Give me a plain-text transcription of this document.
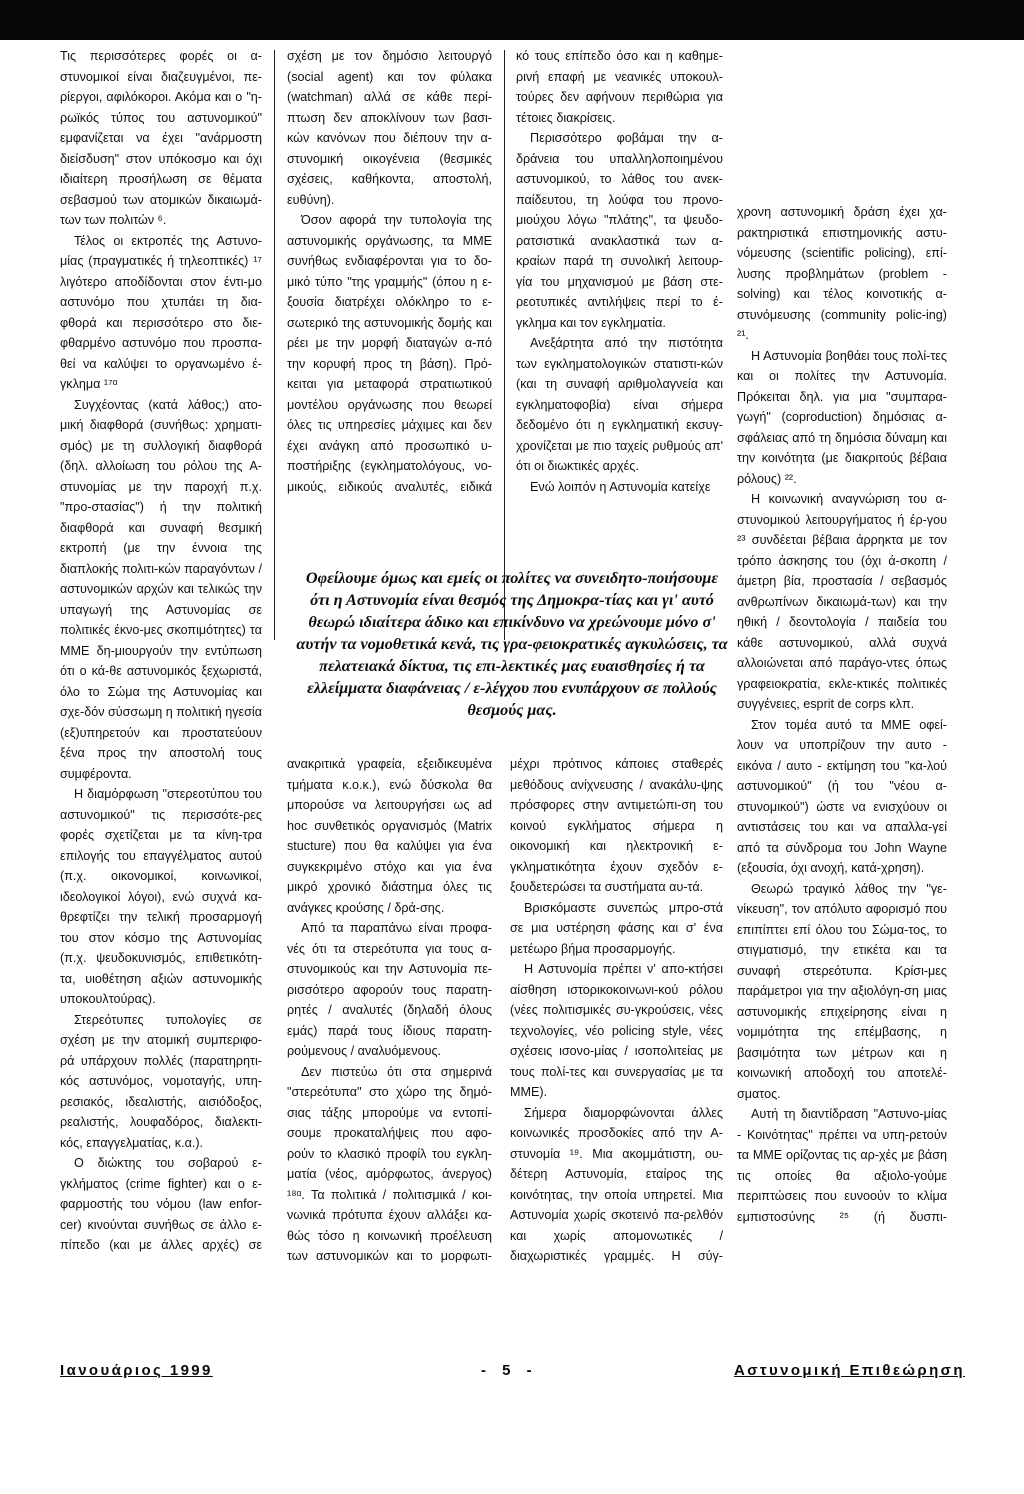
Τις περισσότερες φορές οι α-στυνομικοί είναι διαζευγμένοι, πε-ρίεργοι, αφιλόκοροι. Ακόμα και ο "η-ρωϊκός τύπος του αστυνομικού" εμφανίζεται να έχει "ανάρμοστη διείσδυση" στον υπόκοσμο και όχι ιδιαίτερη προσήλωση σε θέματα σεβασμού των ατομικών δικαιωμά-των των πολιτών ⁶.

Τέλος οι εκτροπές της Αστυνο-μίας (πραγματικές ή τηλεοπτικές) ¹⁷ λιγότερο αποδίδονται στον έντι-μο αστυνόμο που χτυπάει τη δια-φθορά και περισσότερο στο διε-φθαρμένο αστυνόμο που προσπα-θεί να καλύψει το οργανωμένο έ-γκλημα ¹⁷ᵅ

Συγχέοντας (κατά λάθος;) ατο-μική διαφθορά (συνήθως: χρηματι-σμός) με τη συλλογική διαφθορά (δηλ. αλλοίωση του ρόλου της Α-στυνομίας με την παροχή π.χ. "προ-στασίας") ή την πολιτική διαφθορά και συναφή θεσμική εκτροπή (με την έννοια της διαπλοκής πολιτι-κών παραγόντων / αστυνομικών αρχών και τελικώς την υπαγωγή της Αστυνομίας σε πολιτικές έκνο-μες σκοπιμότητες) τα ΜΜΕ δη-μιουργούν την εντύπωση ότι ο κά-θε αστυνομικός ξεχωριστά, όλο το Σώμα της Αστυνομίας και σχε-δόν σύσσωμη η πολιτική ηγεσία (εξ)υπηρετούν και προστατεύουν ξένα προς την αποστολή τους συμφέροντα.

Η διαμόρφωση "στερεοτύπου του αστυνομικού" τις περισσότε-ρες φορές σχετίζεται με τα κίνη-τρα επιλογής του επαγγέλματος αυτού (π.χ. οικονομικοί, κοινωνικοί, ιδεολογικοί λόγοι), ενώ συχνά κα-θρεφτίζει την τελική προσαρμογή του στον κόσμο της Αστυνομίας (π.χ. ψευδοκυνισμός, επιθετικότη-τα, υιοθέτηση αξιών αστυνομικής υποκουλτούρας).

Στερεότυπες τυπολογίες σε σχέση με την ατομική συμπεριφο-ρά υπάρχουν πολλές (παρατηρητι-κός αστυνόμος, νομοταγής, υπη-ρεσιακός, ιδεαλιστής, αισιόδοξος, ρεαλιστής, λουφαδόρος, διαλεκτι-κός, επαγγελματίας, κ.α.).

Ο διώκτης του σοβαρού ε-γκλήματος (crime fighter) και ο ε-φαρμοστής του νόμου (law enfor-cer) κινούνται συνήθως σε άλλο ε-πίπεδο (και με άλλες αρχές) σε

σχέση με τον δημόσιο λειτουργό (social agent) και τον φύλακα (watchman) αλλά σε κάθε περί-πτωση δεν αποκλίνουν των βασι-κών κανόνων που διέπουν την α-στυνομική οικογένεια (θεσμικές σχέσεις, καθήκοντα, αποστολή, ευθύνη).

Όσον αφορά την τυπολογία της αστυνομικής οργάνωσης, τα ΜΜΕ συνήθως ενδιαφέρονται για το δο-μικό τύπο "της γραμμής" (όπου η ε-ξουσία διατρέχει ολόκληρο το ε-σωτερικό της αστυνομικής δομής και ρέει με την μορφή διαταγών α-πό την κορυφή προς τη βάση). Πρό-κειται για μεταφορά στρατιωτικού μοντέλου οργάνωσης που θεωρεί όλες τις υπηρεσίες μάχιμες και δεν έχει ανάγκη από προσωπικό υ-ποστήριξης (εγκληματολόγους, νο-μικούς, ειδικούς αναλυτές, ειδικά

κό τους επίπεδο όσο και η καθημε-ρινή επαφή με νεανικές υποκουλ-τούρες δεν αφήνουν περιθώρια για τέτοιες διακρίσεις.

Περισσότερο φοβάμαι την α-δράνεια του υπαλληλοποιημένου αστυνομικού, το λάθος του ανεκ-παίδευτου, τη λούφα του προνο-μιούχου λόγω "πλάτης", τα ψευδο-ρατσιστικά ανακλαστικά των α-κραίων παρά τη συνολική λειτουρ-γία του μηχανισμού με βάση στε-ρεοτυπικές αντιλήψεις περί το έ-γκλημα και τον εγκληματία.

Ανεξάρτητα από την πιστότητα των εγκληματολογικών στατιστι-κών (και τη συναφή αριθμολαγνεία και εγκληματοφοβία) είναι σήμερα δεδομένο ότι η εγκληματική εκσυγ-χρονίζεται με πιο ταχείς ρυθμούς απ' ότι οι διωκτικές αρχές.

Ενώ λοιπόν η Αστυνομία κατείχε

χρονη αστυνομική δράση έχει χα-ρακτηριστικά επιστημονικής αστυ-νόμευσης (scientific policing), επί-λυσης προβλημάτων (problem - solving) και τέλος κοινοτικής α-στυνόμευσης (community polic-ing) ²¹.

Η Αστυνομία βοηθάει τους πολί-τες και οι πολίτες την Αστυνομία. Πρόκειται δηλ. για μια "συμπαρα-γωγή" (coproduction) δημόσιας α-σφάλειας από τη δημόσια δύναμη και την κοινότητα (με διακριτούς βέβαια ρόλους) ²².

Η κοινωνική αναγνώριση του α-στυνομικού λειτουργήματος ή έρ-γου ²³ συνδέεται βέβαια άρρηκτα με τον τρόπο άσκησης του (όχι ά-σκοπη / άμετρη βία, προστασία / σεβασμός ανθρωπίνων δικαιωμά-των) και την ηθική / δεοντολογία / παιδεία του κάθε αστυνομικού, αλλά συχνά αλλοιώνεται από παράγο-ντες όπως γραφειοκρατία, εκλε-κτικές πολιτικές συγγένειες, esprit de corps κλπ.

Στον τομέα αυτό τα ΜΜΕ οφεί-λουν να υποπρίζουν την αυτο - εικόνα / αυτο - εκτίμηση του "κα-λού αστυνομικού" (ή του "νέου α-στυνομικού") ώστε να ενισχύουν οι αντιστάσεις του και να απαλλα-γεί από τα σύνδρομα του John Wayne (εξουσία, όχι ανοχή, κατά-χρηση).

Θεωρώ τραγικό λάθος την "γε-νίκευση", τον απόλυτο αφορισμό που επιπίπτει επί όλου του Σώμα-τος, το στιγματισμό, την ετικέτα και τα συναφή στερεότυπα. Κρίσι-μες παράμετροι για την αξιολόγη-ση μιας αστυνομικής επιχείρησης είναι η νομιμότητα της επέμβασης, η βασιμότητα των μέτρων και η κοινωνική αποδοχή του αποτελέ-σματος.

Αυτή τη διαντίδραση "Αστυνο-μίας - Κοινότητας" πρέπει να υπη-ρετούν τα ΜΜΕ ορίζοντας τις αρ-χές με βάση τις οποίες θα αξιολο-γούμε περιπτώσεις που ευνοούν το κλίμα εμπιστοσύνης ²⁵ (ή δυσπι-

Οφείλουμε όμως και εμείς οι πολίτες να συνειδητο-ποιήσουμε ότι η Αστυνομία είναι θεσμός της Δημοκρα-τίας και γι' αυτό θεωρώ ιδιαίτερα άδικο και επικίνδυνο να χρεώνουμε μόνο σ' αυτήν τα νομοθετικά κενά, τις γρα-φειοκρατικές αγκυλώσεις, τα πελατειακά δίκτυα, τις επι-λεκτικές μας ευαισθησίες ή τα ελλείμματα διαφάνειας / ε-λέγχου που ενυπάρχουν σε πολλούς θεσμούς μας.

ανακριτικά γραφεία, εξειδικευμένα τμήματα κ.ο.κ.), ενώ δύσκολα θα μπορούσε να λειτουργήσει ως ad hoc συνθετικός οργανισμός (Matrix stucture) που θα καλύψει για ένα συγκεκριμένο στόχο και για ένα μικρό χρονικό διάστημα όλες τις ανάγκες κρούσης / δρά-σης.

Από τα παραπάνω είναι προφα-νές ότι τα στερεότυπα για τους α-στυνομικούς και την Αστυνομία πε-ρισσότερο αφορούν τους παρατη-ρητές / αναλυτές (δηλαδή όλους εμάς) παρά τους ίδιους παρατη-ρούμενους / αναλυόμενους.

Δεν πιστεύω ότι στα σημερινά "στερεότυπα" στο χώρο της δημό-σιας τάξης μπορούμε να εντοπί-σουμε προκαταλήψεις που αφο-ρούν το κλασικό προφίλ του εγκλη-ματία (νέος, αμόρφωτος, άνεργος) ¹⁸ᵅ. Τα πολιτικά / πολιτισμικά / κοι-νωνικά πρότυπα έχουν αλλάξει κα-θώς τόσο η κοινωνική προέλευση των αστυνομικών και το μορφωτι-

μέχρι πρότινος κάποιες σταθερές μεθόδους ανίχνευσης / ανακάλυ-ψης πρόσφορες στην αντιμετώπι-ση του κοινού εγκλήματος σήμερα η οικονομική και ηλεκτρονική ε-γκληματικότητα έχουν σχεδόν ε-ξουδετερώσει τα συστήματα αυ-τά.

Βρισκόμαστε συνεπώς μπρο-στά σε μια υστέρηση φάσης και σ' ένα μετέωρο βήμα προσαρμογής.

Η Αστυνομία πρέπει ν' απο-κτήσει αίσθηση ιστορικοκοινωνι-κού ρόλου (νέες πολιτισμικές συ-γκρούσεις, νέες τεχνολογίες, νέο policing style, νέες σχέσεις ισονο-μίας / ισοπολιτείας με τους πολί-τες και συνεργασίας με τα ΜΜΕ).

Σήμερα διαμορφώνονται άλλες κοινωνικές προσδοκίες από την Α-στυνομία ¹⁹. Μια ακομμάτιστη, ου-δέτερη Αστυνομία, εταίρος της κοινότητας, την οποία υπηρετεί. Μια Αστυνομία χωρίς σκοτεινό πα-ρελθόν και χωρίς απομονωτικές / διαχωριστικές γραμμές. Η σύγ-

Ιανουάριος 1999	- 5 -	Αστυνομική Επιθεώρηση
